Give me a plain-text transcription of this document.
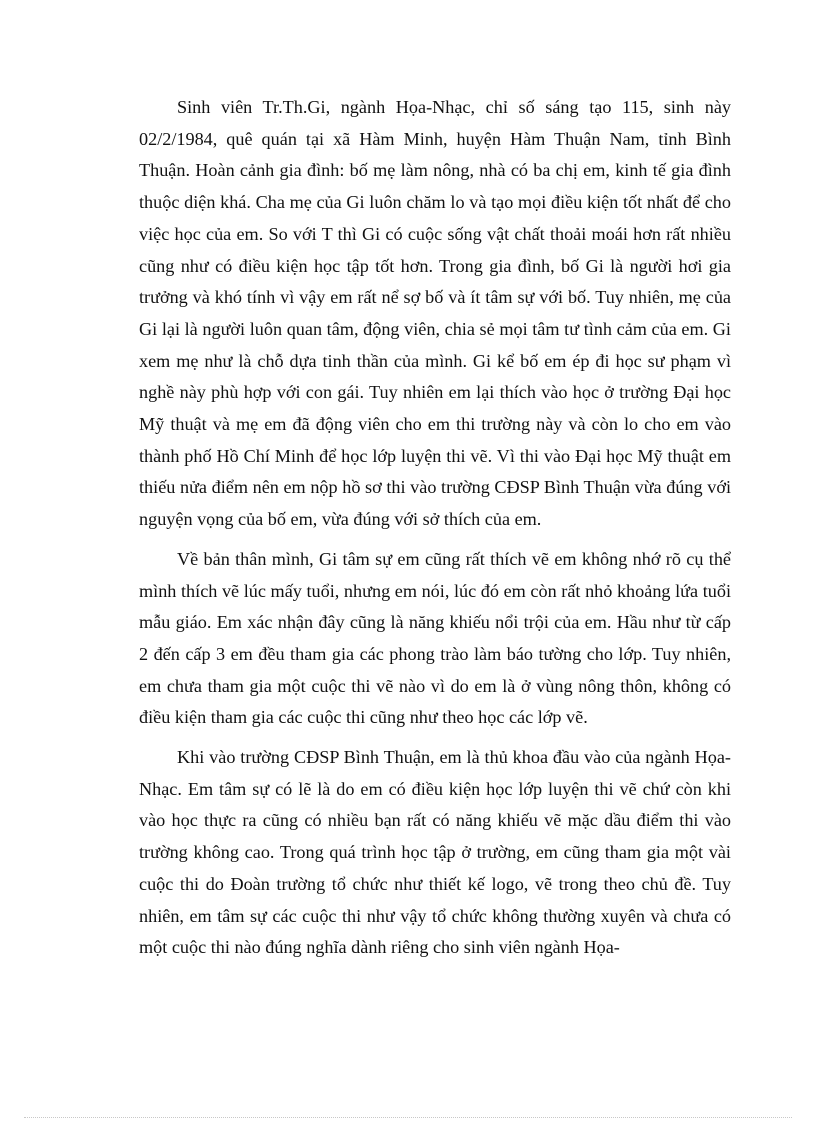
Sinh viên Tr.Th.Gi, ngành Họa-Nhạc, chỉ số sáng tạo 115, sinh này 02/2/1984, quê quán tại xã Hàm Minh, huyện Hàm Thuận Nam, tỉnh Bình Thuận. Hoàn cảnh gia đình: bố mẹ làm nông, nhà có ba chị em, kinh tế gia đình thuộc diện khá. Cha mẹ của Gi luôn chăm lo và tạo mọi điều kiện tốt nhất để cho việc học của em. So với T thì Gi có cuộc sống vật chất thoải moái hơn rất nhiều cũng như có điều kiện học tập tốt hơn. Trong gia đình, bố Gi là người hơi gia trưởng và khó tính vì vậy em rất nể sợ bố và ít tâm sự với bố. Tuy nhiên, mẹ của Gi lại là người luôn quan tâm, động viên, chia sẻ mọi tâm tư tình cảm của em. Gi xem mẹ như là chỗ dựa tinh thần của mình. Gi kể bố em ép đi học sư phạm vì nghề này phù hợp với con gái. Tuy nhiên em lại thích vào học ở trường Đại học Mỹ thuật và mẹ em đã động viên cho em thi trường này và còn lo cho em vào thành phố Hồ Chí Minh để học lớp luyện thi vẽ. Vì thi vào Đại học Mỹ thuật em thiếu nửa điểm nên em nộp hồ sơ thi vào trường CĐSP Bình Thuận vừa đúng với nguyện vọng của bố em, vừa đúng với sở thích của em.

Về bản thân mình, Gi tâm sự em cũng rất thích vẽ em không nhớ rõ cụ thể mình thích vẽ lúc mấy tuổi, nhưng em nói, lúc đó em còn rất nhỏ khoảng lứa tuổi mẫu giáo. Em xác nhận đây cũng là năng khiếu nổi trội của em. Hầu như từ cấp 2 đến cấp 3 em đều tham gia các phong trào làm báo tường cho lớp. Tuy nhiên, em chưa tham gia một cuộc thi vẽ nào vì do em là ở vùng nông thôn, không có điều kiện tham gia các cuộc thi cũng như theo học các lớp vẽ.

Khi vào trường CĐSP Bình Thuận, em là thủ khoa đầu vào của ngành Họa-Nhạc. Em tâm sự có lẽ là do em có điều kiện học lớp luyện thi vẽ chứ còn khi vào học thực ra cũng có nhiều bạn rất có năng khiếu vẽ mặc dầu điểm thi vào trường không cao. Trong quá trình học tập ở trường, em cũng tham gia một vài cuộc thi do Đoàn trường tổ chức như thiết kế logo, vẽ trong theo chủ đề. Tuy nhiên, em tâm sự các cuộc thi như vậy tổ chức không thường xuyên và chưa có một cuộc thi nào đúng nghĩa dành riêng cho sinh viên ngành Họa-
